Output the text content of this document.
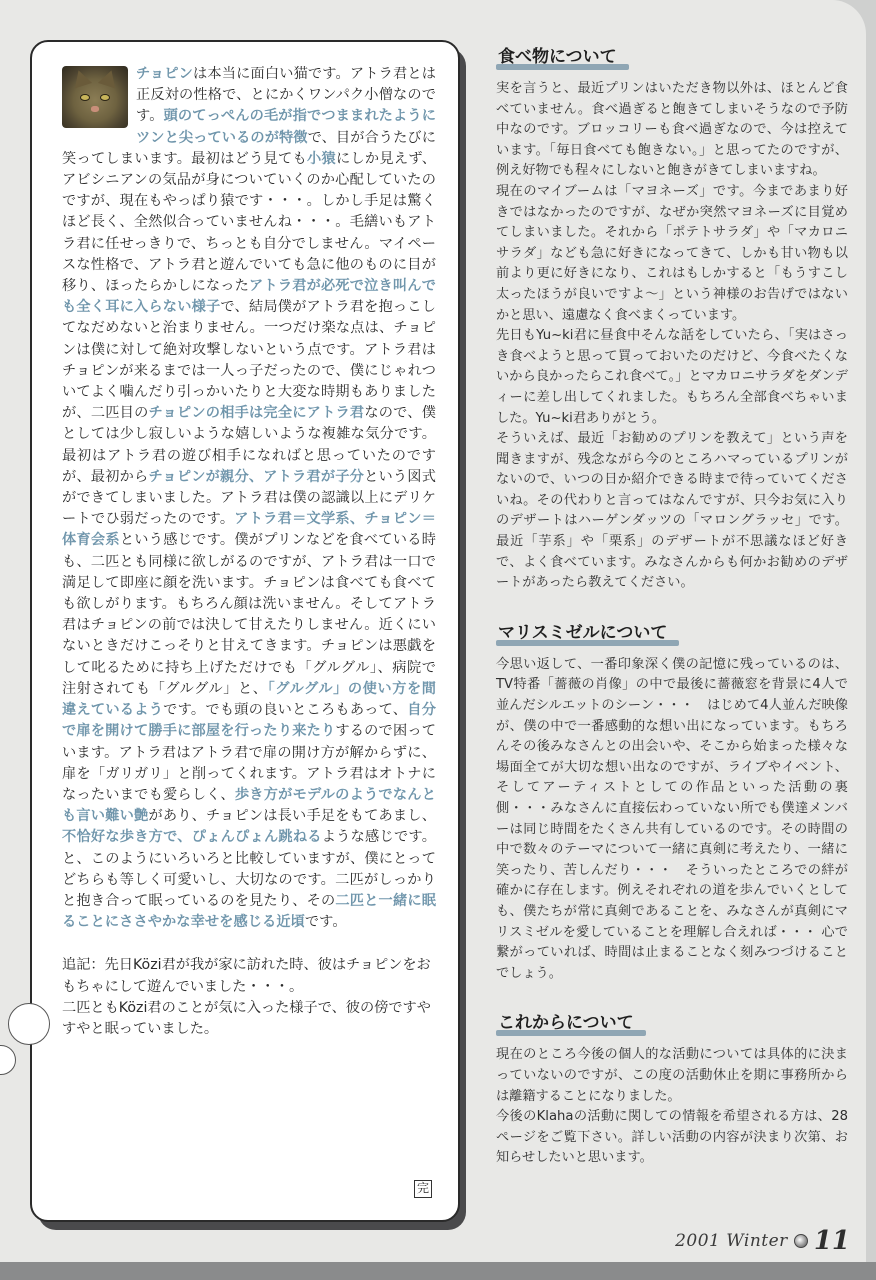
チョピンは本当に面白い猫です。アトラ君とは正反対の性格で、とにかくワンパク小僧なのです。頭のてっぺんの毛が指でつままれたようにツンと尖っているのが特徴で、目が合うたびに笑ってしまいます。最初はどう見ても小猿にしか見えず、アビシニアンの気品が身についていくのか心配していたのですが、現在もやっぱり猿です・・・。しかし手足は驚くほど長く、全然似合っていませんね・・・。毛繕いもアトラ君に任せっきりで、ちっとも自分でしません。マイペースな性格で、アトラ君と遊んでいても急に他のものに目が移り、ほったらかしになったアトラ君が必死で泣き叫んでも全く耳に入らない様子で、結局僕がアトラ君を抱っこしてなだめないと治まりません。一つだけ楽な点は、チョピンは僕に対して絶対攻撃しないという点です。アトラ君はチョピンが来るまでは一人っ子だったので、僕にじゃれついてよく噛んだり引っかいたりと大変な時期もありましたが、二匹目のチョピンの相手は完全にアトラ君なので、僕としては少し寂しいような嬉しいような複雑な気分です。最初はアトラ君の遊び相手になればと思っていたのですが、最初からチョピンが親分、アトラ君が子分という図式ができてしまいました。アトラ君は僕の認識以上にデリケートでひ弱だったのです。アトラ君＝文学系、チョピン＝体育会系という感じです。僕がプリンなどを食べている時も、二匹とも同様に欲しがるのですが、アトラ君は一口で満足して即座に顔を洗います。チョピンは食べても食べても欲しがります。もちろん顔は洗いません。そしてアトラ君はチョピンの前では決して甘えたりしません。近くにいないときだけこっそりと甘えてきます。チョピンは悪戯をして叱るために持ち上げただけでも「グルグル」、病院で注射されても「グルグル」と、「グルグル」の使い方を間違えているようです。でも頭の良いところもあって、自分で扉を開けて勝手に部屋を行ったり来たりするので困っています。アトラ君はアトラ君で扉の開け方が解からずに、扉を「ガリガリ」と削ってくれます。アトラ君はオトナになったいまでも愛らしく、歩き方がモデルのようでなんとも言い難い艶があり、チョピンは長い手足をもてあまし、不恰好な歩き方で、ぴょんぴょん跳ねるような感じです。と、このようにいろいろと比較していますが、僕にとってどちらも等しく可愛いし、大切なのです。二匹がしっかりと抱き合って眠っているのを見たり、その二匹と一緒に眠ることにささやかな幸せを感じる近頃です。

追記：先日Közi君が我が家に訪れた時、彼はチョピンをおもちゃにして遊んでいました・・・。
二匹ともKözi君のことが気に入った様子で、彼の傍ですやすやと眠っていました。
完
食べ物について

実を言うと、最近プリンはいただき物以外は、ほとんど食べていません。食べ過ぎると飽きてしまいそうなので予防中なのです。ブロッコリーも食べ過ぎなので、今は控えています。「毎日食べても飽きない。」と思ってたのですが、例え好物でも程々にしないと飽きがきてしまいますね。

現在のマイブームは「マヨネーズ」です。今まであまり好きではなかったのですが、なぜか突然マヨネーズに目覚めてしまいました。それから「ポテトサラダ」や「マカロニサラダ」なども急に好きになってきて、しかも甘い物も以前より更に好きになり、これはもしかすると「もうすこし太ったほうが良いですよ〜」という神様のお告げではないかと思い、遠慮なく食べまくっています。

先日もYu~ki君に昼食中そんな話をしていたら、「実はさっき食べようと思って買っておいたのだけど、今食べたくないから良かったらこれ食べて。」とマカロニサラダをダンディーに差し出してくれました。もちろん全部食べちゃいました。Yu~ki君ありがとう。

そういえば、最近「お勧めのプリンを教えて」という声を聞きますが、残念ながら今のところハマっているプリンがないので、いつの日か紹介できる時まで待っていてくださいね。その代わりと言ってはなんですが、只今お気に入りのデザートはハーゲンダッツの「マロングラッセ」です。最近「芋系」や「栗系」のデザートが不思議なほど好きで、よく食べています。みなさんからも何かお勧めのデザートがあったら教えてください。

マリスミゼルについて

今思い返して、一番印象深く僕の記憶に残っているのは、TV特番「薔薇の肖像」の中で最後に薔薇窓を背景に4人で並んだシルエットのシーン・・・　はじめて4人並んだ映像が、僕の中で一番感動的な想い出になっています。もちろんその後みなさんとの出会いや、そこから始まった様々な場面全てが大切な想い出なのですが、ライブやイベント、そしてアーティストとしての作品といった活動の裏側・・・みなさんに直接伝わっていない所でも僕達メンバーは同じ時間をたくさん共有しているのです。その時間の中で数々のテーマについて一緒に真剣に考えたり、一緒に笑ったり、苦しんだり・・・　そういったところでの絆が確かに存在します。例えそれぞれの道を歩んでいくとしても、僕たちが常に真剣であることを、みなさんが真剣にマリスミゼルを愛していることを理解し合えれば・・・ 心で繋がっていれば、時間は止まることなく刻みつづけることでしょう。

これからについて

現在のところ今後の個人的な活動については具体的に決まっていないのですが、この度の活動休止を期に事務所からは離籍することになりました。

今後のKlahaの活動に関しての情報を希望される方は、28ページをご覧下さい。詳しい活動の内容が決まり次第、お知らせしたいと思います。

2001 Winter 11
